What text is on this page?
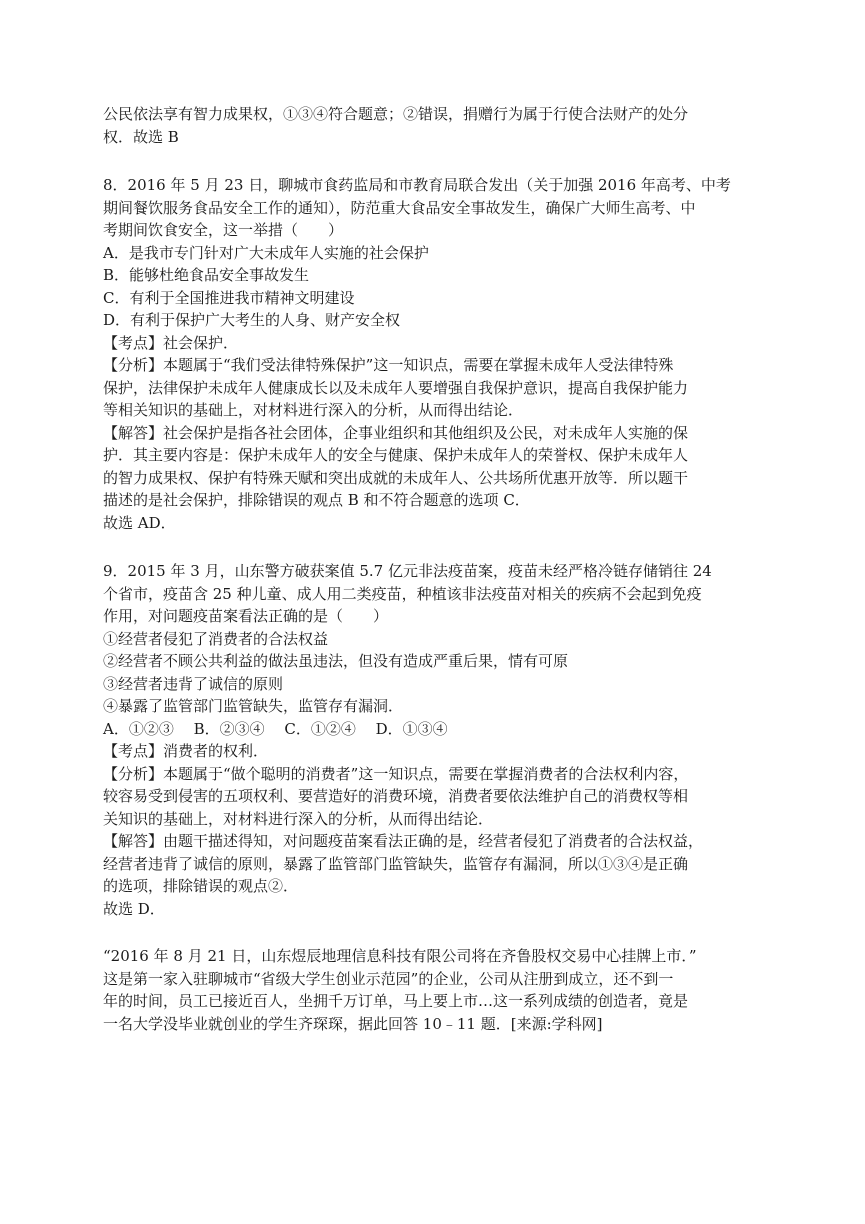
公民依法享有智力成果权，①③④符合题意；②错误，捐赠行为属于行使合法财产的处分
权．故选 B
8．2016 年 5 月 23 日，聊城市食药监局和市教育局联合发出（关于加强 2016 年高考、中考
期间餐饮服务食品安全工作的通知），防范重大食品安全事故发生，确保广大师生高考、中
考期间饮食安全，这一举措（　　）
A．是我市专门针对广大未成年人实施的社会保护
B．能够杜绝食品安全事故发生
C．有利于全国推进我市精神文明建设
D．有利于保护广大考生的人身、财产安全权
【考点】社会保护．
【分析】本题属于“我们受法律特殊保护”这一知识点，需要在掌握未成年人受法律特殊
保护，法律保护未成年人健康成长以及未成年人要增强自我保护意识，提高自我保护能力
等相关知识的基础上，对材料进行深入的分析，从而得出结论．
【解答】社会保护是指各社会团体，企事业组织和其他组织及公民，对未成年人实施的保
护．其主要内容是：保护未成年人的安全与健康、保护未成年人的荣誉权、保护未成年人
的智力成果权、保护有特殊天赋和突出成就的未成年人、公共场所优惠开放等．所以题干
描述的是社会保护，排除错误的观点 B 和不符合题意的选项 C．
故选 AD．
9．2015 年 3 月，山东警方破获案值 5.7 亿元非法疫苗案，疫苗未经严格冷链存储销往 24
个省市，疫苗含 25 种儿童、成人用二类疫苗，种植该非法疫苗对相关的疾病不会起到免疫
作用，对问题疫苗案看法正确的是（　　）
①经营者侵犯了消费者的合法权益
②经营者不顾公共利益的做法虽违法，但没有造成严重后果，情有可原
③经营者违背了诚信的原则
④暴露了监管部门监管缺失，监管存有漏洞．
A．①②③　 B．②③④　 C．①②④　 D．①③④
【考点】消费者的权利．
【分析】本题属于“做个聪明的消费者”这一知识点，需要在掌握消费者的合法权利内容，
较容易受到侵害的五项权利、要营造好的消费环境，消费者要依法维护自己的消费权等相
关知识的基础上，对材料进行深入的分析，从而得出结论．
【解答】由题干描述得知，对问题疫苗案看法正确的是，经营者侵犯了消费者的合法权益，
经营者违背了诚信的原则，暴露了监管部门监管缺失，监管存有漏洞，所以①③④是正确
的选项，排除错误的观点②．
故选 D．
“2016 年 8 月 21 日，山东煜辰地理信息科技有限公司将在齐鲁股权交易中心挂牌上市．”
这是第一家入驻聊城市“省级大学生创业示范园”的企业，公司从注册到成立，还不到一
年的时间，员工已接近百人，坐拥千万订单，马上要上市…这一系列成绩的创造者，竟是
一名大学没毕业就创业的学生齐琛琛，据此回答 10﹣11 题．[来源:学科网]
